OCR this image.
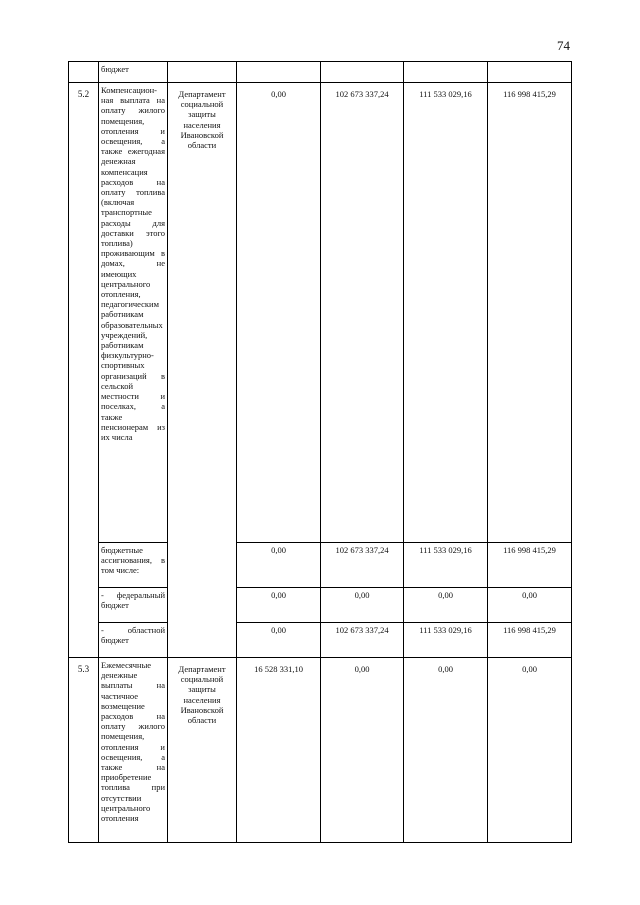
74
	бюджет					
5.2	Компенсационная выплата на оплату жилого помещения, отопления и освещения, а также ежегодная денежная компенсация расходов на оплату топлива (включая транспортные расходы для доставки этого топлива) проживающим в домах, не имеющих центрального отопления, педагогическим работникам образовательных учреждений, работникам физкультурно-спортивных организаций в сельской местности и поселках, а также пенсионерам из их числа	Департамент социальной защиты населения Ивановской области	0,00	102 673 337,24	111 533 029,16	116 998 415,29
	бюджетные ассигнования, в том числе:		0,00	102 673 337,24	111 533 029,16	116 998 415,29
	- федеральный бюджет		0,00	0,00	0,00	0,00
	- областной бюджет		0,00	102 673 337,24	111 533 029,16	116 998 415,29
5.3	Ежемесячные денежные выплаты на частичное возмещение расходов на оплату жилого помещения, отопления и освещения, а также на приобретение топлива при отсутствии центрального отопления	Департамент социальной защиты населения Ивановской области	16 528 331,10	0,00	0,00	0,00
